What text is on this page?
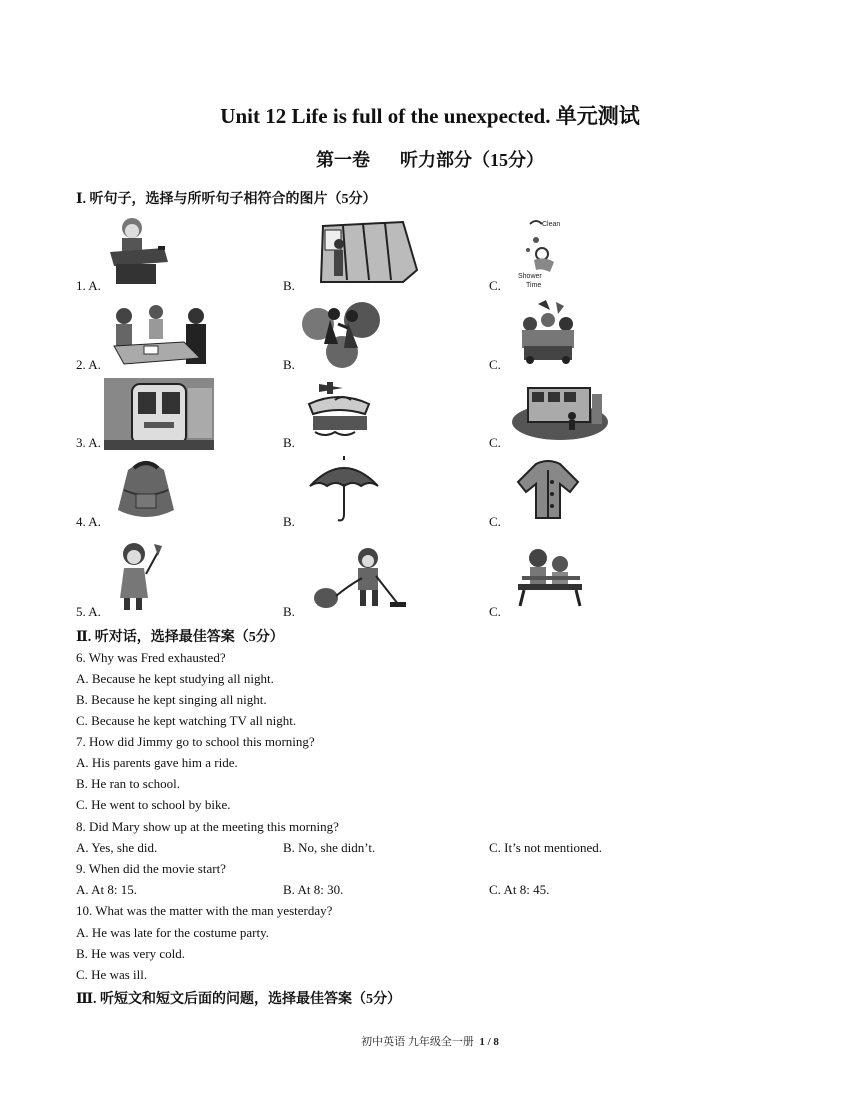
Unit 12 Life is full of the unexpected. 单元测试
第一卷 听力部分（15分）
Ⅰ. 听句子，选择与所听句子相符合的图片（5分）
1. A.	B.	C.
Clean
Shower
Time
2. A.	B.	C.
3. A.	B.	C.
4. A.	B.	C.
5. A.	B.	C.
Ⅱ. 听对话，选择最佳答案（5分）
6. Why was Fred exhausted?
A. Because he kept studying all night.
B. Because he kept singing all night.
C. Because he kept watching TV all night.
7. How did Jimmy go to school this morning?
A. His parents gave him a ride.
B. He ran to school.
C. He went to school by bike.
8. Did Mary show up at the meeting this morning?
A. Yes, she did.	B. No, she didn’t.	C. It’s not mentioned.
9. When did the movie start?
A. At 8: 15.	B. At 8: 30.	C. At 8: 45.
10. What was the matter with the man yesterday?
A. He was late for the costume party.
B. He was very cold.
C. He was ill.
Ⅲ. 听短文和短文后面的问题，选择最佳答案（5分）
初中英语 九年级全一册 1 / 8
